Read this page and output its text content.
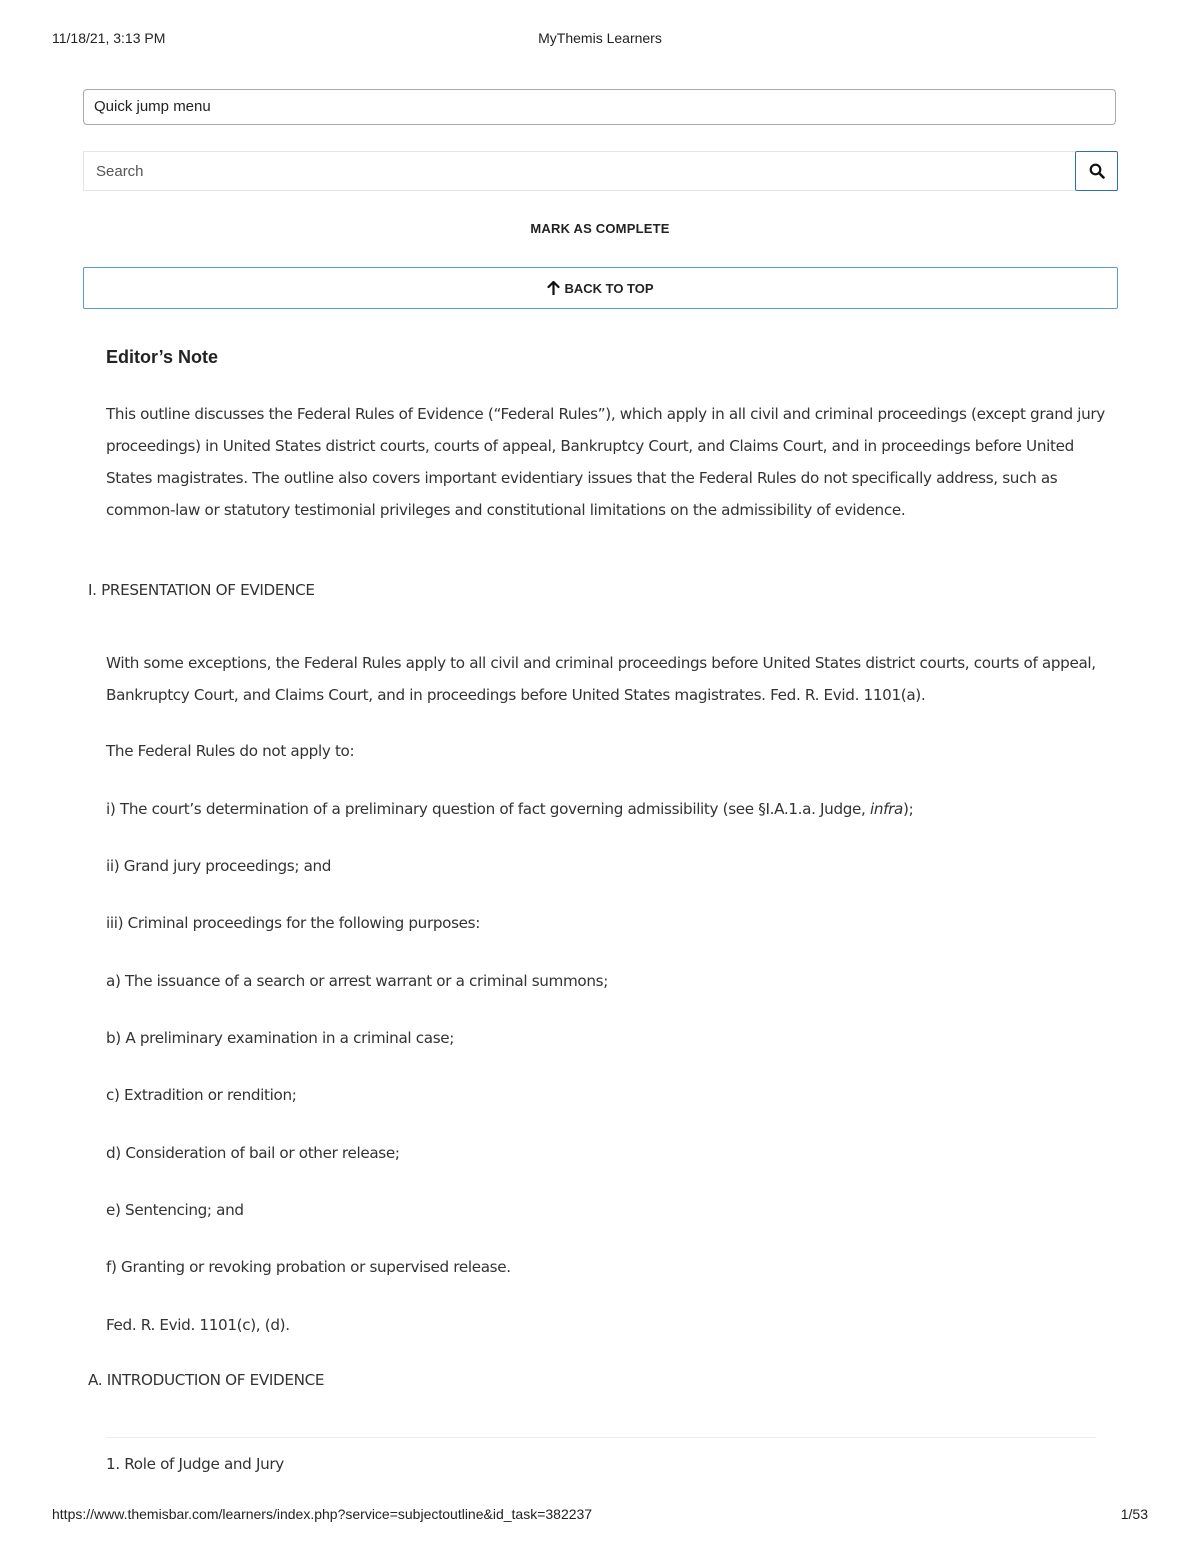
11/18/21, 3:13 PM	MyThemis Learners
Quick jump menu
Search
MARK AS COMPLETE
BACK TO TOP
Editor’s Note

This outline discusses the Federal Rules of Evidence (“Federal Rules”), which apply in all civil and criminal proceedings (except grand jury proceedings) in United States district courts, courts of appeal, Bankruptcy Court, and Claims Court, and in proceedings before United States magistrates. The outline also covers important evidentiary issues that the Federal Rules do not specifically address, such as common-law or statutory testimonial privileges and constitutional limitations on the admissibility of evidence.

I. PRESENTATION OF EVIDENCE

With some exceptions, the Federal Rules apply to all civil and criminal proceedings before United States district courts, courts of appeal, Bankruptcy Court, and Claims Court, and in proceedings before United States magistrates. Fed. R. Evid. 1101(a).

The Federal Rules do not apply to:
i) The court’s determination of a preliminary question of fact governing admissibility (see §I.A.1.a. Judge, infra);
ii) Grand jury proceedings; and
iii) Criminal proceedings for the following purposes:
a) The issuance of a search or arrest warrant or a criminal summons;
b) A preliminary examination in a criminal case;
c) Extradition or rendition;
d) Consideration of bail or other release;
e) Sentencing; and
f) Granting or revoking probation or supervised release.
Fed. R. Evid. 1101(c), (d).
A. INTRODUCTION OF EVIDENCE
1. Role of Judge and Jury
https://www.themisbar.com/learners/index.php?service=subjectoutline&id_task=382237	1/53
